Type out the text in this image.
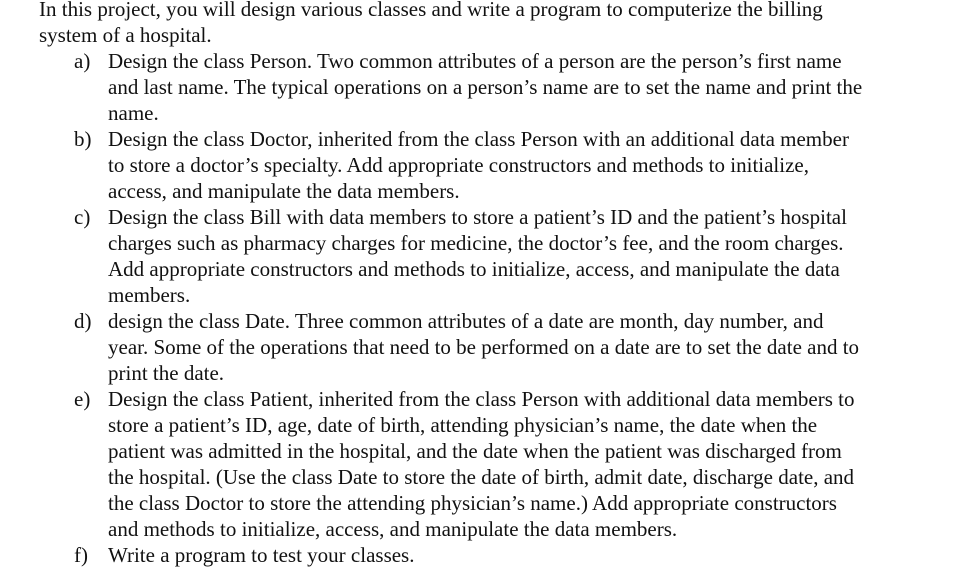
In this project, you will design various classes and write a program to computerize the billing
system of a hospital.
a) Design the class Person. Two common attributes of a person are the person’s first name
and last name. The typical operations on a person’s name are to set the name and print the
name.
b) Design the class Doctor, inherited from the class Person with an additional data member
to store a doctor’s specialty. Add appropriate constructors and methods to initialize,
access, and manipulate the data members.
c) Design the class Bill with data members to store a patient’s ID and the patient’s hospital
charges such as pharmacy charges for medicine, the doctor’s fee, and the room charges.
Add appropriate constructors and methods to initialize, access, and manipulate the data
members.
d) design the class Date. Three common attributes of a date are month, day number, and
year. Some of the operations that need to be performed on a date are to set the date and to
print the date.
e) Design the class Patient, inherited from the class Person with additional data members to
store a patient’s ID, age, date of birth, attending physician’s name, the date when the
patient was admitted in the hospital, and the date when the patient was discharged from
the hospital. (Use the class Date to store the date of birth, admit date, discharge date, and
the class Doctor to store the attending physician’s name.) Add appropriate constructors
and methods to initialize, access, and manipulate the data members.
f) Write a program to test your classes.
